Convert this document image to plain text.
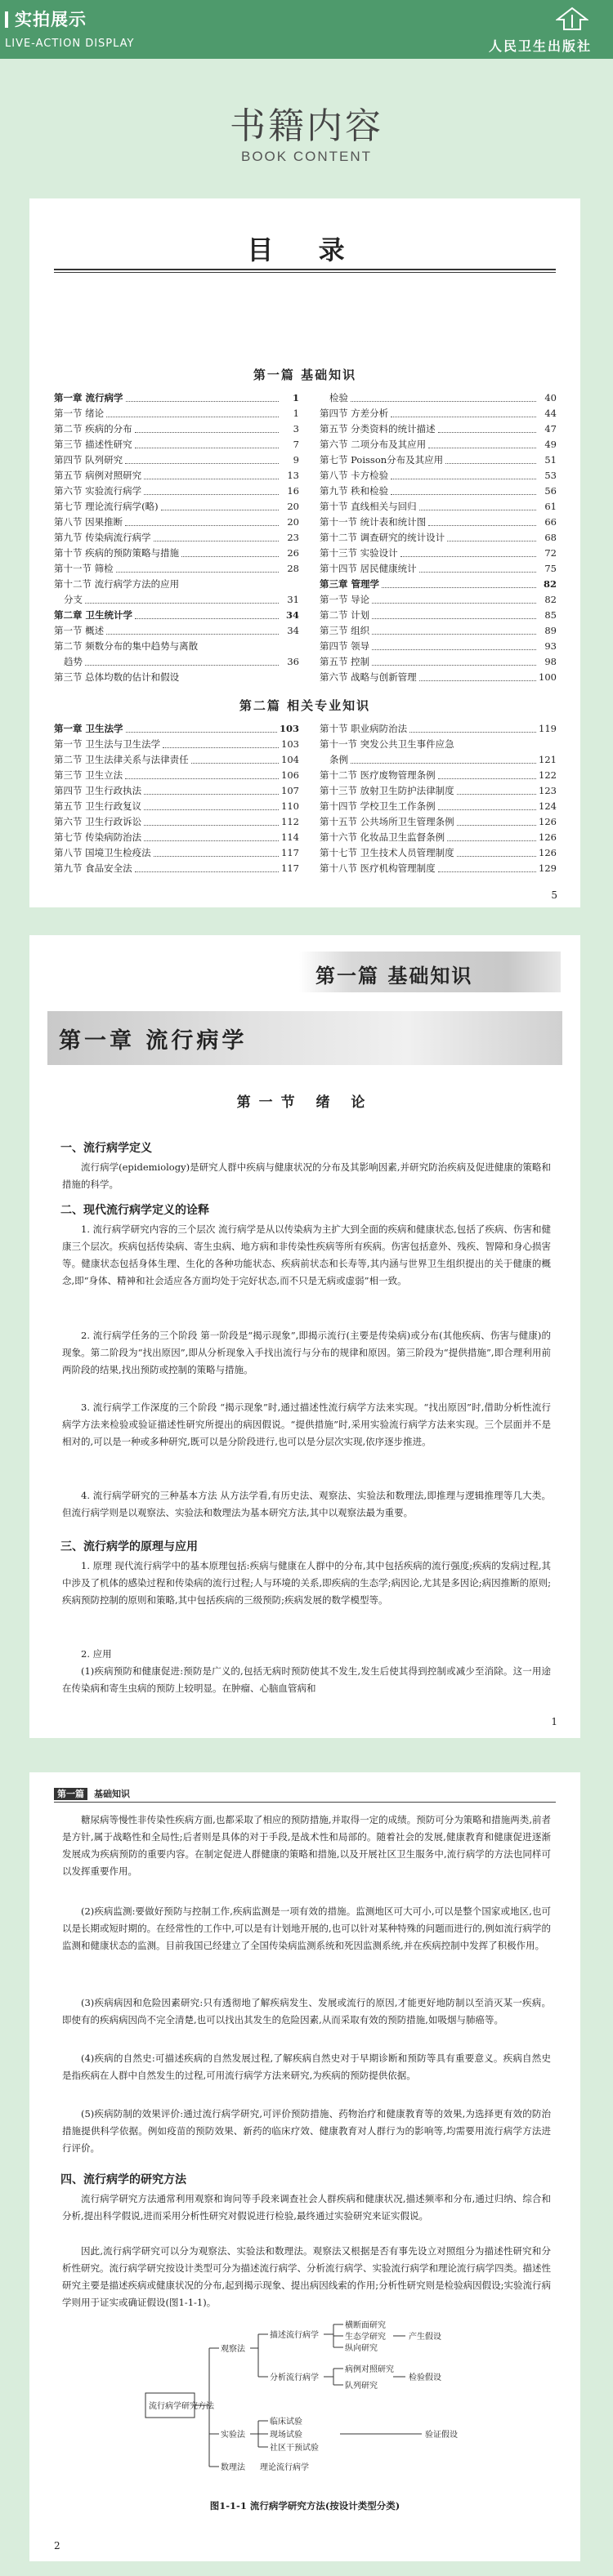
实拍展示
LIVE-ACTION DISPLAY	人民卫生出版社
书籍内容
BOOK CONTENT
目 录
第一篇 基础知识
第一章 流行病学	1
第一节 绪论	1
第二节 疾病的分布	3
第三节 描述性研究	7
第四节 队列研究	9
第五节 病例对照研究	13
第六节 实验流行病学	16
第七节 理论流行病学(略)	20
第八节 因果推断	20
第九节 传染病流行病学	23
第十节 疾病的预防策略与措施	26
第十一节 筛检	28
第十二节 流行病学方法的应用
分支	31
第二章 卫生统计学	34
第一节 概述	34
第二节 频数分布的集中趋势与离散
趋势	36
第三节 总体均数的估计和假设
检验	40
第四节 方差分析	44
第五节 分类资料的统计描述	47
第六节 二项分布及其应用	49
第七节 Poisson分布及其应用	51
第八节 卡方检验	53
第九节 秩和检验	56
第十节 直线相关与回归	61
第十一节 统计表和统计图	66
第十二节 调查研究的统计设计	68
第十三节 实验设计	72
第十四节 居民健康统计	75
第三章 管理学	82
第一节 导论	82
第二节 计划	85
第三节 组织	89
第四节 领导	93
第五节 控制	98
第六节 战略与创新管理	100
第二篇 相关专业知识
第一章 卫生法学	103
第一节 卫生法与卫生法学	103
第二节 卫生法律关系与法律责任	104
第三节 卫生立法	106
第四节 卫生行政执法	107
第五节 卫生行政复议	110
第六节 卫生行政诉讼	112
第七节 传染病防治法	114
第八节 国境卫生检疫法	117
第九节 食品安全法	117
第十节 职业病防治法	119
第十一节 突发公共卫生事件应急
条例	121
第十二节 医疗废物管理条例	122
第十三节 放射卫生防护法律制度	123
第十四节 学校卫生工作条例	124
第十五节 公共场所卫生管理条例	126
第十六节 化妆品卫生监督条例	126
第十七节 卫生技术人员管理制度	126
第十八节 医疗机构管理制度	129
5
第一篇 基础知识
第一章 流行病学
第一节 绪 论
一、流行病学定义
流行病学(epidemiology)是研究人群中疾病与健康状况的分布及其影响因素,并研究防治疾病及促进健康的策略和措施的科学。
二、现代流行病学定义的诠释
1. 流行病学研究内容的三个层次 流行病学是从以传染病为主扩大到全面的疾病和健康状态,包括了疾病、伤害和健康三个层次。疾病包括传染病、寄生虫病、地方病和非传染性疾病等所有疾病。伤害包括意外、残疾、智障和身心损害等。健康状态包括身体生理、生化的各种功能状态、疾病前状态和长寿等,其内涵与世界卫生组织提出的关于健康的概念,即“身体、精神和社会适应各方面均处于完好状态,而不只是无病或虚弱”相一致。
2. 流行病学任务的三个阶段 第一阶段是“揭示现象”,即揭示流行(主要是传染病)或分布(其他疾病、伤害与健康)的现象。第二阶段为“找出原因”,即从分析现象入手找出流行与分布的规律和原因。第三阶段为“提供措施”,即合理利用前两阶段的结果,找出预防或控制的策略与措施。
3. 流行病学工作深度的三个阶段 “揭示现象”时,通过描述性流行病学方法来实现。“找出原因”时,借助分析性流行病学方法来检验或验证描述性研究所提出的病因假说。“提供措施”时,采用实验流行病学方法来实现。三个层面并不是相对的,可以是一种或多种研究,既可以是分阶段进行,也可以是分层次实现,依序逐步推进。
4. 流行病学研究的三种基本方法 从方法学看,有历史法、观察法、实验法和数理法,即推理与逻辑推理等几大类。但流行病学则是以观察法、实验法和数理法为基本研究方法,其中以观察法最为重要。
三、流行病学的原理与应用
1. 原理 现代流行病学中的基本原理包括:疾病与健康在人群中的分布,其中包括疾病的流行强度;疾病的发病过程,其中涉及了机体的感染过程和传染病的流行过程;人与环境的关系,即疾病的生态学;病因论,尤其是多因论;病因推断的原则;疾病预防控制的原则和策略,其中包括疾病的三级预防;疾病发展的数学模型等。
2. 应用
(1)疾病预防和健康促进:预防是广义的,包括无病时预防使其不发生,发生后使其得到控制或减少至消除。这一用途在传染病和寄生虫病的预防上较明显。在肿瘤、心脑血管病和
1
第一篇 基础知识
糖尿病等慢性非传染性疾病方面,也都采取了相应的预防措施,并取得一定的成绩。预防可分为策略和措施两类,前者是方针,属于战略性和全局性;后者则是具体的对于手段,是战术性和局部的。随着社会的发展,健康教育和健康促进逐渐发展成为疾病预防的重要内容。在制定促进人群健康的策略和措施,以及开展社区卫生服务中,流行病学的方法也同样可以发挥重要作用。
(2)疾病监测:要做好预防与控制工作,疾病监测是一项有效的措施。监测地区可大可小,可以是整个国家或地区,也可以是长期或短时期的。在经常性的工作中,可以是有计划地开展的,也可以针对某种特殊的问题而进行的,例如流行病学的监测和健康状态的监测。目前我国已经建立了全国传染病监测系统和死因监测系统,并在疾病控制中发挥了积极作用。
(3)疾病病因和危险因素研究:只有透彻地了解疾病发生、发展或流行的原因,才能更好地防制以至消灭某一疾病。即使有的疾病病因尚不完全清楚,也可以找出其发生的危险因素,从而采取有效的预防措施,如吸烟与肺癌等。
(4)疾病的自然史:可描述疾病的自然发展过程,了解疾病自然史对于早期诊断和预防等具有重要意义。疾病自然史是指疾病在人群中自然发生的过程,可用流行病学方法来研究,为疾病的预防提供依据。
(5)疾病防制的效果评价:通过流行病学研究,可评价预防措施、药物治疗和健康教育等的效果,为选择更有效的防治措施提供科学依据。例如疫苗的预防效果、新药的临床疗效、健康教育对人群行为的影响等,均需要用流行病学方法进行评价。
四、流行病学的研究方法
流行病学研究方法通常利用观察和询问等手段来调查社会人群疾病和健康状况,描述频率和分布,通过归纳、综合和分析,提出科学假说,进而采用分析性研究对假说进行检验,最终通过实验研究来证实假说。
因此,流行病学研究可以分为观察法、实验法和数理法。观察法又根据是否有事先设立对照组分为描述性研究和分析性研究。流行病学研究按设计类型可分为描述流行病学、分析流行病学、实验流行病学和理论流行病学四类。描述性研究主要是描述疾病或健康状况的分布,起到揭示现象、提出病因线索的作用;分析性研究则是检验病因假设;实验流行病学则用于证实或确证假设(图1-1-1)。
流行病学研究方法
观察法
实验法
数理法
描述流行病学
分析流行病学
横断面研究
生态学研究
纵向研究
病例对照研究
队列研究
临床试验
现场试验
社区干预试验
理论流行病学
产生假设
检验假设
验证假设
图1-1-1 流行病学研究方法(按设计类型分类)
2
